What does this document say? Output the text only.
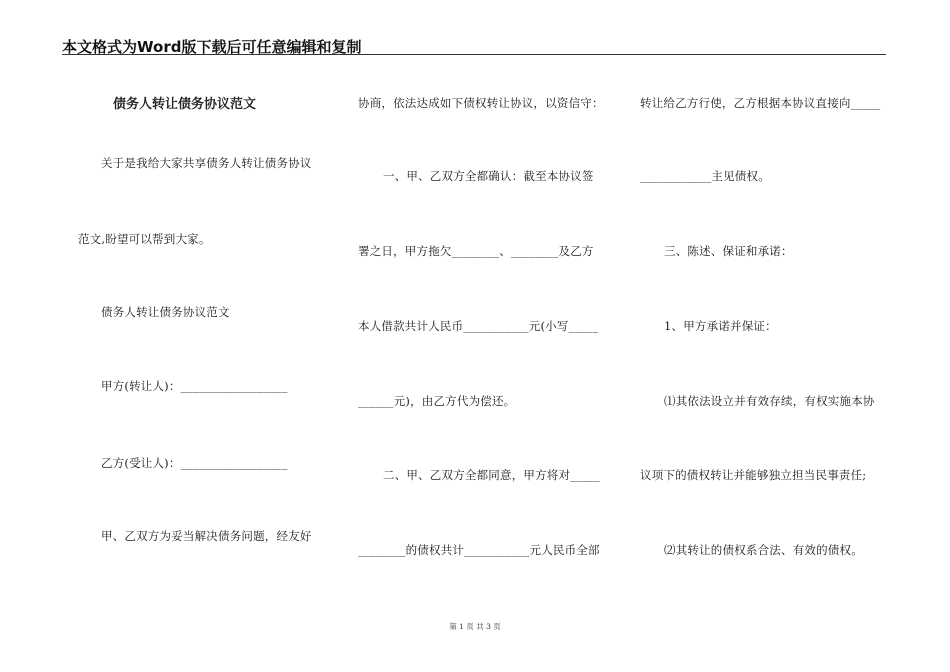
本文格式为Word版下载后可任意编辑和复制
债务人转让债务协议范文
关于是我给大家共享债务人转让债务协议
范文,盼望可以帮到大家。
债务人转让债务协议范文
甲方(转让人)：__________________
乙方(受让人)：__________________
甲、乙双方为妥当解决债务问题，经友好
协商，依法达成如下债权转让协议，以资信守：
一、甲、乙双方全都确认：截至本协议签
署之日，甲方拖欠________、________及乙方
本人借款共计人民币___________元(小写_____
______元)，由乙方代为偿还。
二、甲、乙双方全都同意，甲方将对_____
________的债权共计___________元人民币全部
转让给乙方行使，乙方根据本协议直接向_____
____________主见债权。
三、陈述、保证和承诺：
1、甲方承诺并保证：
⑴其依法设立并有效存续，有权实施本协
议项下的债权转让并能够独立担当民事责任;
⑵其转让的债权系合法、有效的债权。
第 1 页 共 3 页
